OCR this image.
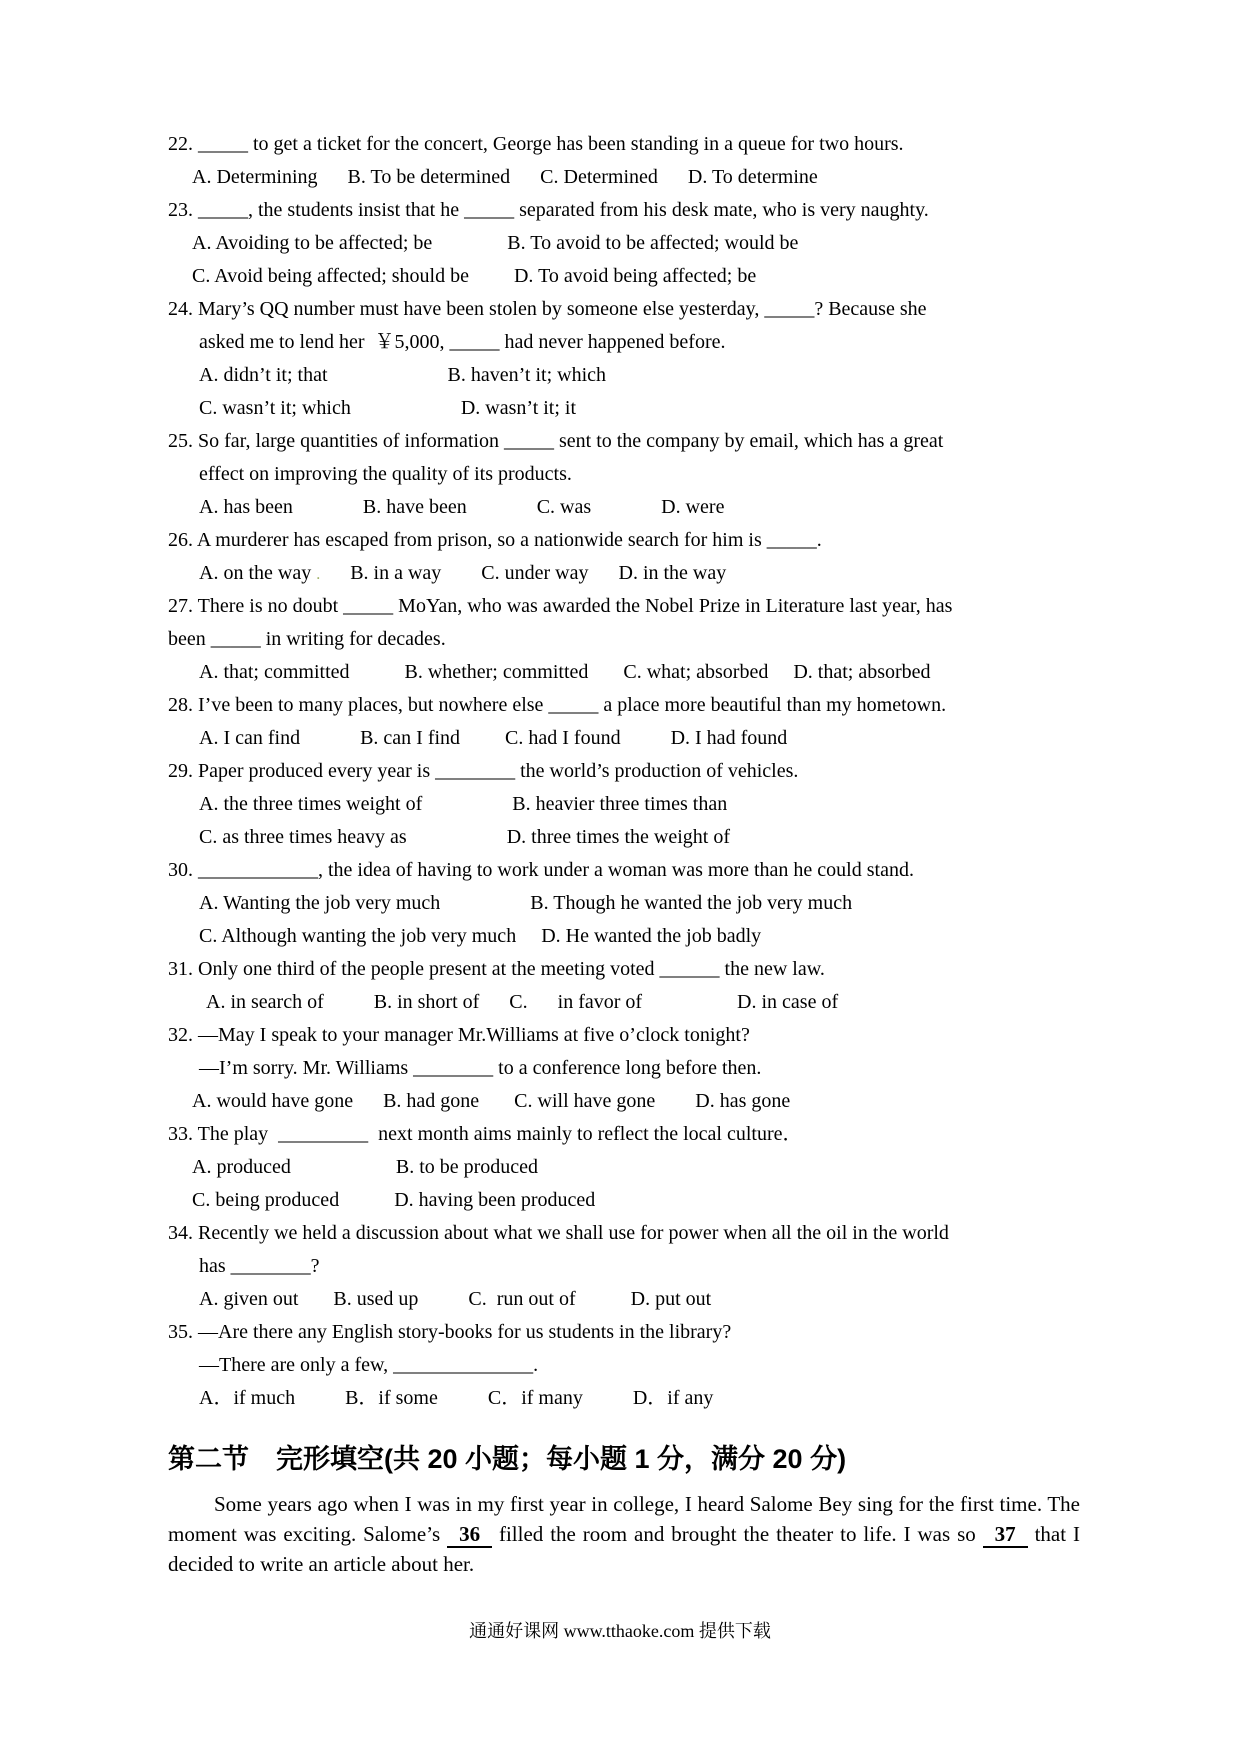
22. _____ to get a ticket for the concert, George has been standing in a queue for two hours.
A. Determining      B. To be determined      C. Determined      D. To determine
23. _____, the students insist that he _____ separated from his desk mate, who is very naughty.
A. Avoiding to be affected; be               B. To avoid to be affected; would be
C. Avoid being affected; should be         D. To avoid being affected; be
24. Mary’s QQ number must have been stolen by someone else yesterday, _____? Because she
asked me to lend her  ￥5,000, _____ had never happened before.
A. didn’t it; that                        B. haven’t it; which
C. wasn’t it; which                      D. wasn’t it; it
25. So far, large quantities of information _____ sent to the company by email, which has a great
effect on improving the quality of its products.
A. has been              B. have been              C. was              D. were
26. A murderer has escaped from prison, so a nationwide search for him is _____.
A. on the way .      B. in a way        C. under way      D. in the way
27. There is no doubt _____ MoYan, who was awarded the Nobel Prize in Literature last year, has
been _____ in writing for decades.
A. that; committed           B. whether; committed       C. what; absorbed     D. that; absorbed
28. I’ve been to many places, but nowhere else _____ a place more beautiful than my hometown.
A. I can find            B. can I find         C. had I found          D. I had found
29. Paper produced every year is ________ the world’s production of vehicles.
A. the three times weight of                  B. heavier three times than
C. as three times heavy as                    D. three times the weight of
30. ____________, the idea of having to work under a woman was more than he could stand.
A. Wanting the job very much                  B. Though he wanted the job very much
C. Although wanting the job very much     D. He wanted the job badly
31. Only one third of the people present at the meeting voted ______ the new law.
A. in search of          B. in short of      C.      in favor of                   D. in case of
32. —May I speak to your manager Mr.Williams at five o’clock tonight?
—I’m sorry. Mr. Williams ________ to a conference long before then.
A. would have gone      B. had gone       C. will have gone        D. has gone
33. The play  _________  next month aims mainly to reflect the local culture．
A. produced                     B. to be produced
C. being produced           D. having been produced
34. Recently we held a discussion about what we shall use for power when all the oil in the world
has ________?
A. given out       B. used up          C.  run out of           D. put out
35. —Are there any English story-books for us students in the library?
—There are only a few, ______________.
A．if much          B．if some          C．if many          D．if any
第二节　完形填空(共 20 小题；每小题 1 分，满分 20 分)

Some years ago when I was in my first year in college, I heard Salome Bey sing for the first time. The moment was exciting. Salome’s 36 filled the room and brought the theater to life. I was so 37 that I decided to write an article about her.

通通好课网 www.tthaoke.com 提供下载
